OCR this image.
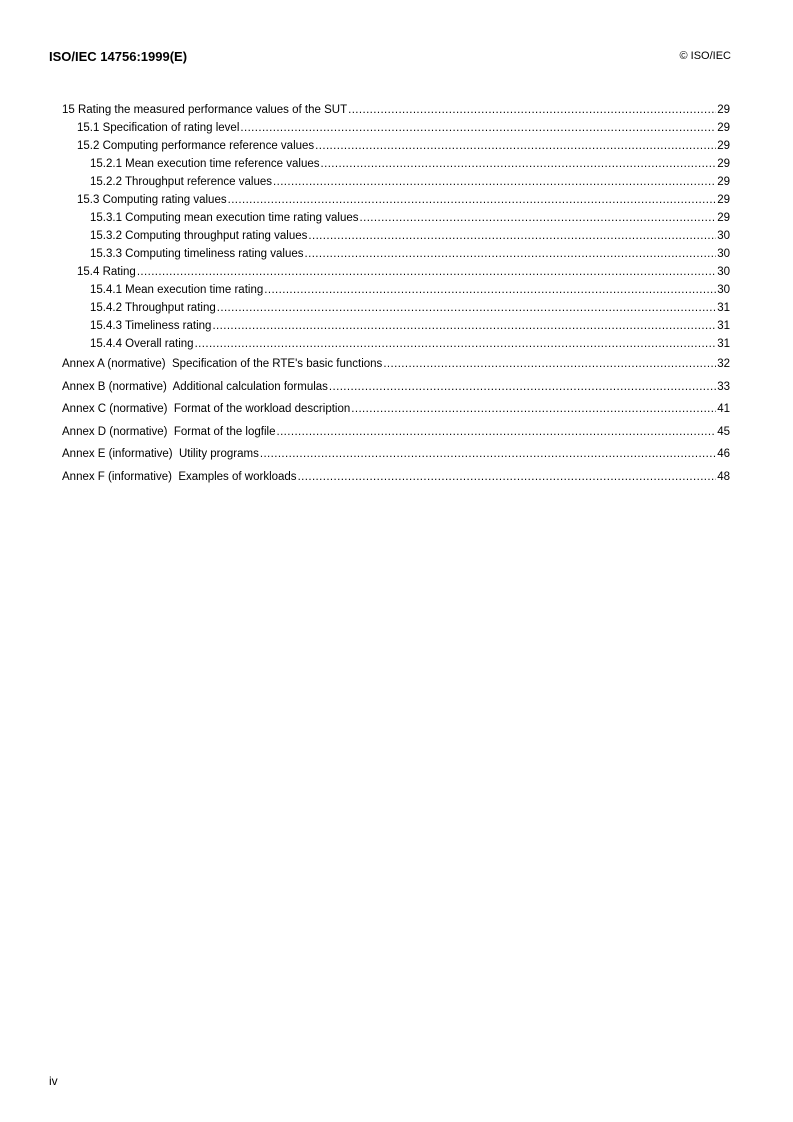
ISO/IEC 14756:1999(E)	© ISO/IEC
15 Rating the measured performance values of the SUT .....	29
15.1 Specification of rating level .....	29
15.2 Computing performance reference values .....	29
15.2.1 Mean execution time reference values .....	29
15.2.2 Throughput reference values .....	29
15.3 Computing rating values .....	29
15.3.1 Computing mean execution time rating values .....	29
15.3.2 Computing throughput rating values .....	30
15.3.3 Computing timeliness rating values .....	30
15.4 Rating .....	30
15.4.1 Mean execution time rating .....	30
15.4.2 Throughput rating .....	31
15.4.3 Timeliness rating .....	31
15.4.4 Overall rating .....	31
Annex A (normative)  Specification of the RTE's basic functions .....	32
Annex B (normative)  Additional calculation formulas .....	33
Annex C (normative)  Format of the workload description .....	41
Annex D (normative)  Format of the logfile .....	45
Annex E (informative)  Utility programs .....	46
Annex F (informative)  Examples of workloads .....	48
iv
